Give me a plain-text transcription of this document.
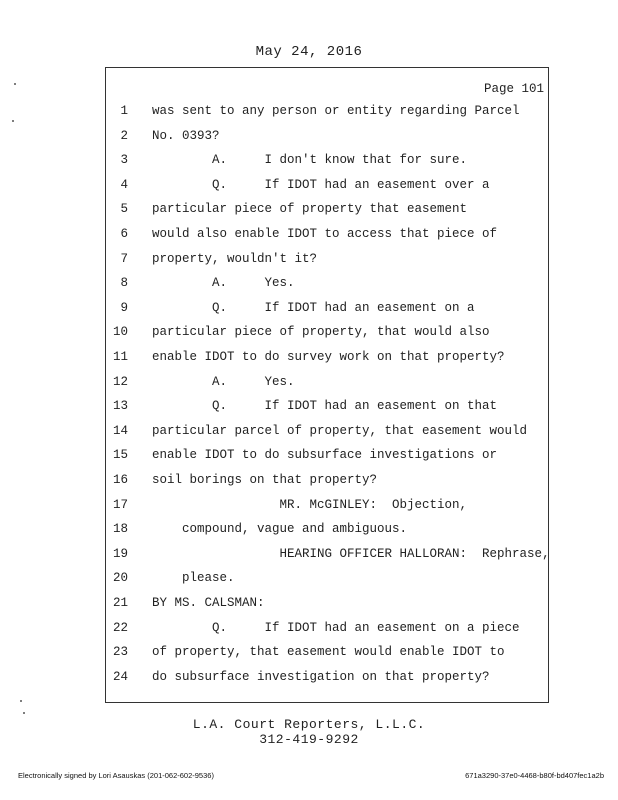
May 24, 2016
Page 101
1 was sent to any person or entity regarding Parcel
2 No. 0393?
3 A.     I don't know that for sure.
4 Q.     If IDOT had an easement over a
5 particular piece of property that easement
6 would also enable IDOT to access that piece of
7 property, wouldn't it?
8 A.     Yes.
9 Q.     If IDOT had an easement on a
10 particular piece of property, that would also
11 enable IDOT to do survey work on that property?
12 A.     Yes.
13 Q.     If IDOT had an easement on that
14 particular parcel of property, that easement would
15 enable IDOT to do subsurface investigations or
16 soil borings on that property?
17 MR. McGINLEY:  Objection,
18 compound, vague and ambiguous.
19 HEARING OFFICER HALLORAN:  Rephrase,
20 please.
21 BY MS. CALSMAN:
22 Q.     If IDOT had an easement on a piece
23 of property, that easement would enable IDOT to
24 do subsurface investigation on that property?
L.A. Court Reporters, L.L.C.
312-419-9292
Electronically signed by Lori Asauskas (201-062-602-9536)	671a3290-37e0-4468-b80f-bd407fec1a2b
